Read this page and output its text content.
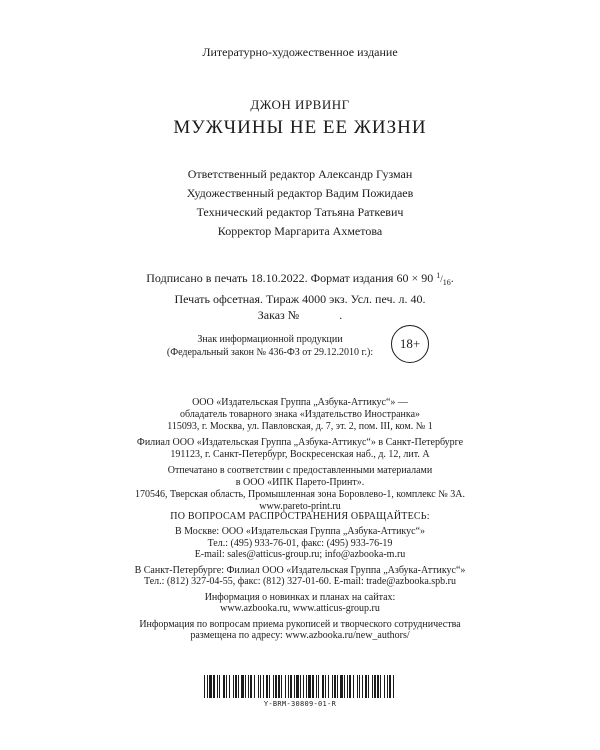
Литературно-художественное издание
ДЖОН ИРВИНГ
МУЖЧИНЫ НЕ ЕЕ ЖИЗНИ
Ответственный редактор Александр Гузман
Художественный редактор Вадим Пожидаев
Технический редактор Татьяна Раткевич
Корректор Маргарита Ахметова
Подписано в печать 18.10.2022. Формат издания 60 × 90 $^1/_{16}$.
Печать офсетная. Тираж 4000 экз. Усл. печ. л. 40.
Заказ №	.
Знак информационной продукции
(Федеральный закон № 436-ФЗ от 29.12.2010 г.):
18+

ООО «Издательская Группа „Азбука-Аттикус“» —
обладатель товарного знака «Издательство Иностранка»
115093, г. Москва, ул. Павловская, д. 7, эт. 2, пом. III, ком. № 1

Филиал ООО «Издательская Группа „Азбука-Аттикус“» в Санкт-Петербурге
191123, г. Санкт-Петербург, Воскресенская наб., д. 12, лит. А

Отпечатано в соответствии с предоставленными материалами
в ООО «ИПК Парето-Принт».
170546, Тверская область, Промышленная зона Боровлево-1, комплекс № 3А.
www.pareto-print.ru

ПО ВОПРОСАМ РАСПРОСТРАНЕНИЯ ОБРАЩАЙТЕСЬ:

В Москве: ООО «Издательская Группа „Азбука-Аттикус“»
Тел.: (495) 933-76-01, факс: (495) 933-76-19
E-mail: sales@atticus-group.ru; info@azbooka-m.ru

В Санкт-Петербурге: Филиал ООО «Издательская Группа „Азбука-Аттикус“»
Тел.: (812) 327-04-55, факс: (812) 327-01-60. E-mail: trade@azbooka.spb.ru

Информация о новинках и планах на сайтах:
www.azbooka.ru, www.atticus-group.ru

Информация по вопросам приема рукописей и творческого сотрудничества
размещена по адресу: www.azbooka.ru/new_authors/

Y-BRM-30809-01-R
